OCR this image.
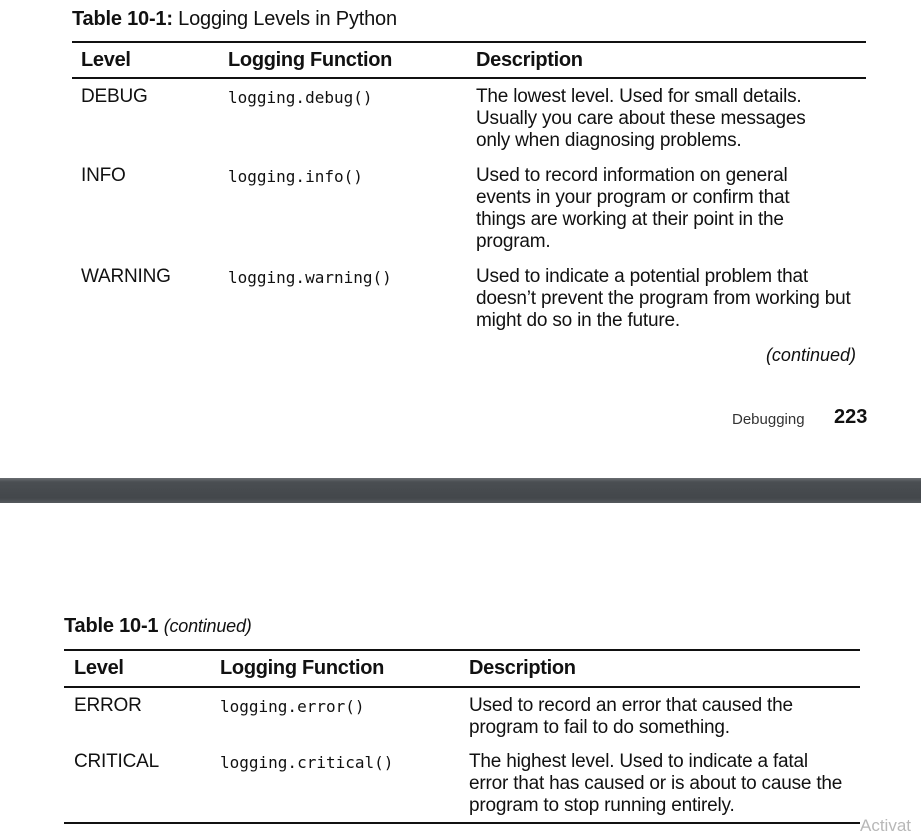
Table 10-1: Logging Levels in Python
Level	Logging Function	Description
DEBUG	logging.debug()	The lowest level. Used for small details. Usually you care about these messages only when diagnosing problems.
INFO	logging.info()	Used to record information on general events in your program or confirm that things are working at their point in the program.
WARNING	logging.warning()	Used to indicate a potential problem that doesn’t prevent the program from working but might do so in the future.
(continued)
Debugging 223
Table 10-1 (continued)
Level	Logging Function	Description
ERROR	logging.error()	Used to record an error that caused the program to fail to do something.
CRITICAL	logging.critical()	The highest level. Used to indicate a fatal error that has caused or is about to cause the program to stop running entirely.
Activat
